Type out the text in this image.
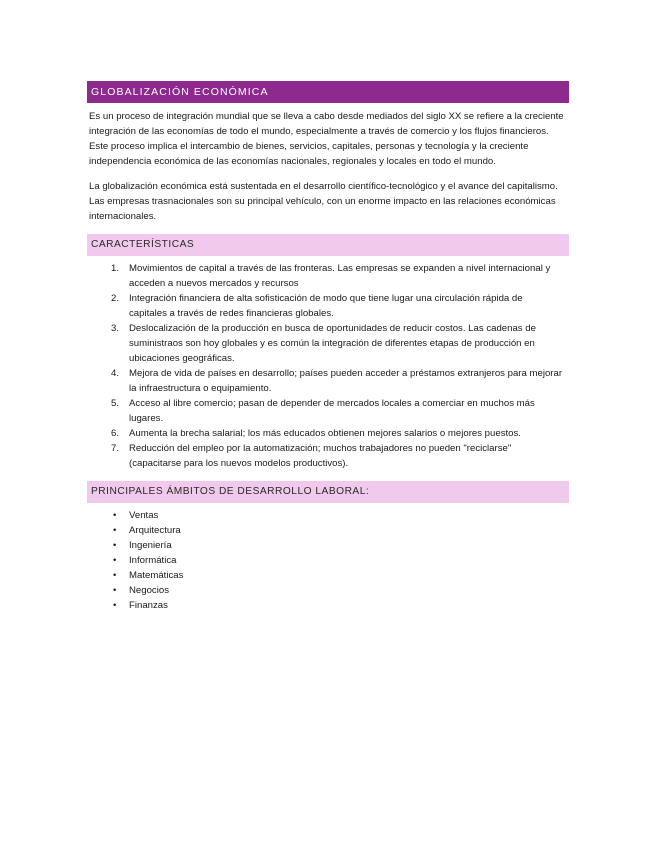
GLOBALIZACIÓN ECONÓMICA

Es un proceso de integración mundial que se lleva a cabo desde mediados del siglo XX se refiere a la creciente integración de las economías de todo el mundo, especialmente a través de comercio y los flujos financieros. Este proceso implica el intercambio de bienes, servicios, capitales, personas y tecnología y la creciente independencia económica de las economías nacionales, regionales y locales en todo el mundo.

La globalización económica está sustentada en el desarrollo científico-tecnológico y el avance del capitalismo. Las empresas trasnacionales son su principal vehículo, con un enorme impacto en las relaciones económicas internacionales.

CARACTERÍSTICAS
1. Movimientos de capital a través de las fronteras. Las empresas se expanden a nivel internacional y acceden a nuevos mercados y recursos
2. Integración financiera de alta sofisticación de modo que tiene lugar una circulación rápida de capitales a través de redes financieras globales.
3. Deslocalización de la producción en busca de oportunidades de reducir costos. Las cadenas de suministraos son hoy globales y es común la integración de diferentes etapas de producción en ubicaciones geográficas.
4. Mejora de vida de países en desarrollo; países pueden acceder a préstamos extranjeros para mejorar la infraestructura o equipamiento.
5. Acceso al libre comercio; pasan de depender de mercados locales a comerciar en muchos más lugares.
6. Aumenta la brecha salarial; los más educados obtienen mejores salarios o mejores puestos.
7. Reducción del empleo por la automatización; muchos trabajadores no pueden "reciclarse" (capacitarse para los nuevos modelos productivos).
PRINCIPALES ÁMBITOS DE DESARROLLO LABORAL:
• Ventas
• Arquitectura
• Ingeniería
• Informática
• Matemáticas
• Negocios
• Finanzas
